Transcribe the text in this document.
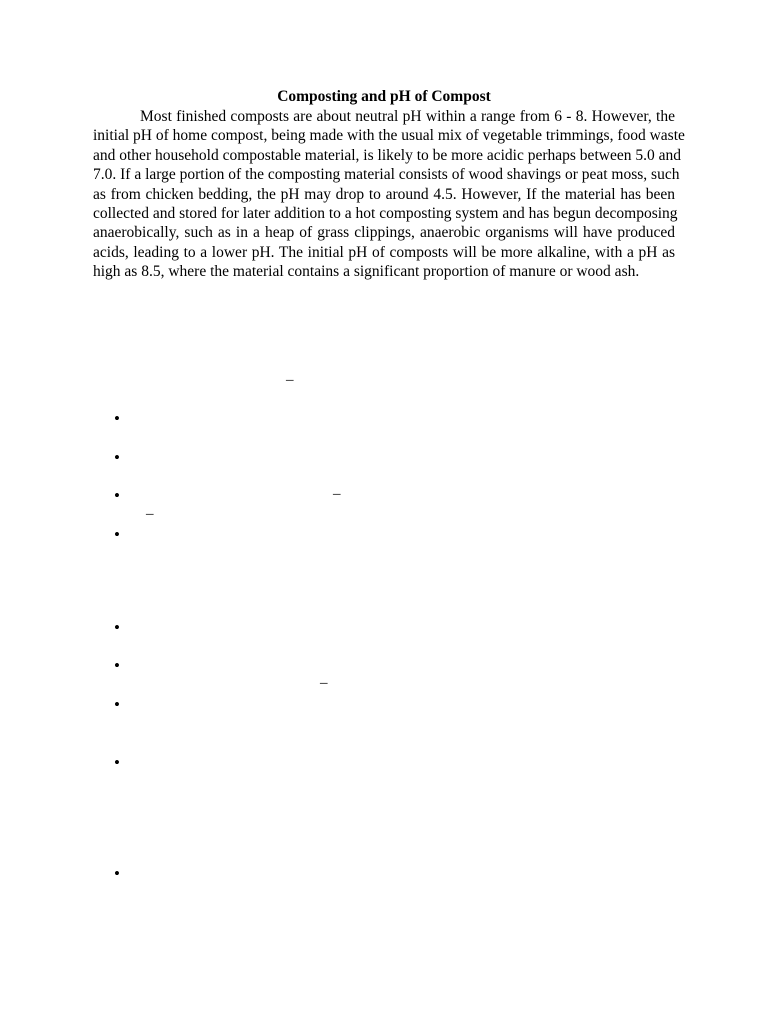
Composting and pH of Compost
Most finished composts are about neutral pH within a range from 6 - 8. However, the
initial pH of home compost, being made with the usual mix of vegetable trimmings, food waste
and other household compostable material, is likely to be more acidic perhaps between 5.0 and
7.0. If a large portion of the composting material consists of wood shavings or peat moss, such
as from chicken bedding, the pH may drop to around 4.5. However, If the material has been
collected and stored for later addition to a hot composting system and has begun decomposing
anaerobically, such as in a heap of grass clippings, anaerobic organisms will have produced
acids, leading to a lower pH. The initial pH of composts will be more alkaline, with a pH as
high as 8.5, where the material contains a significant proportion of manure or wood ash.
–
–
–
–
•
•
•
•
•
•
•
•
•
